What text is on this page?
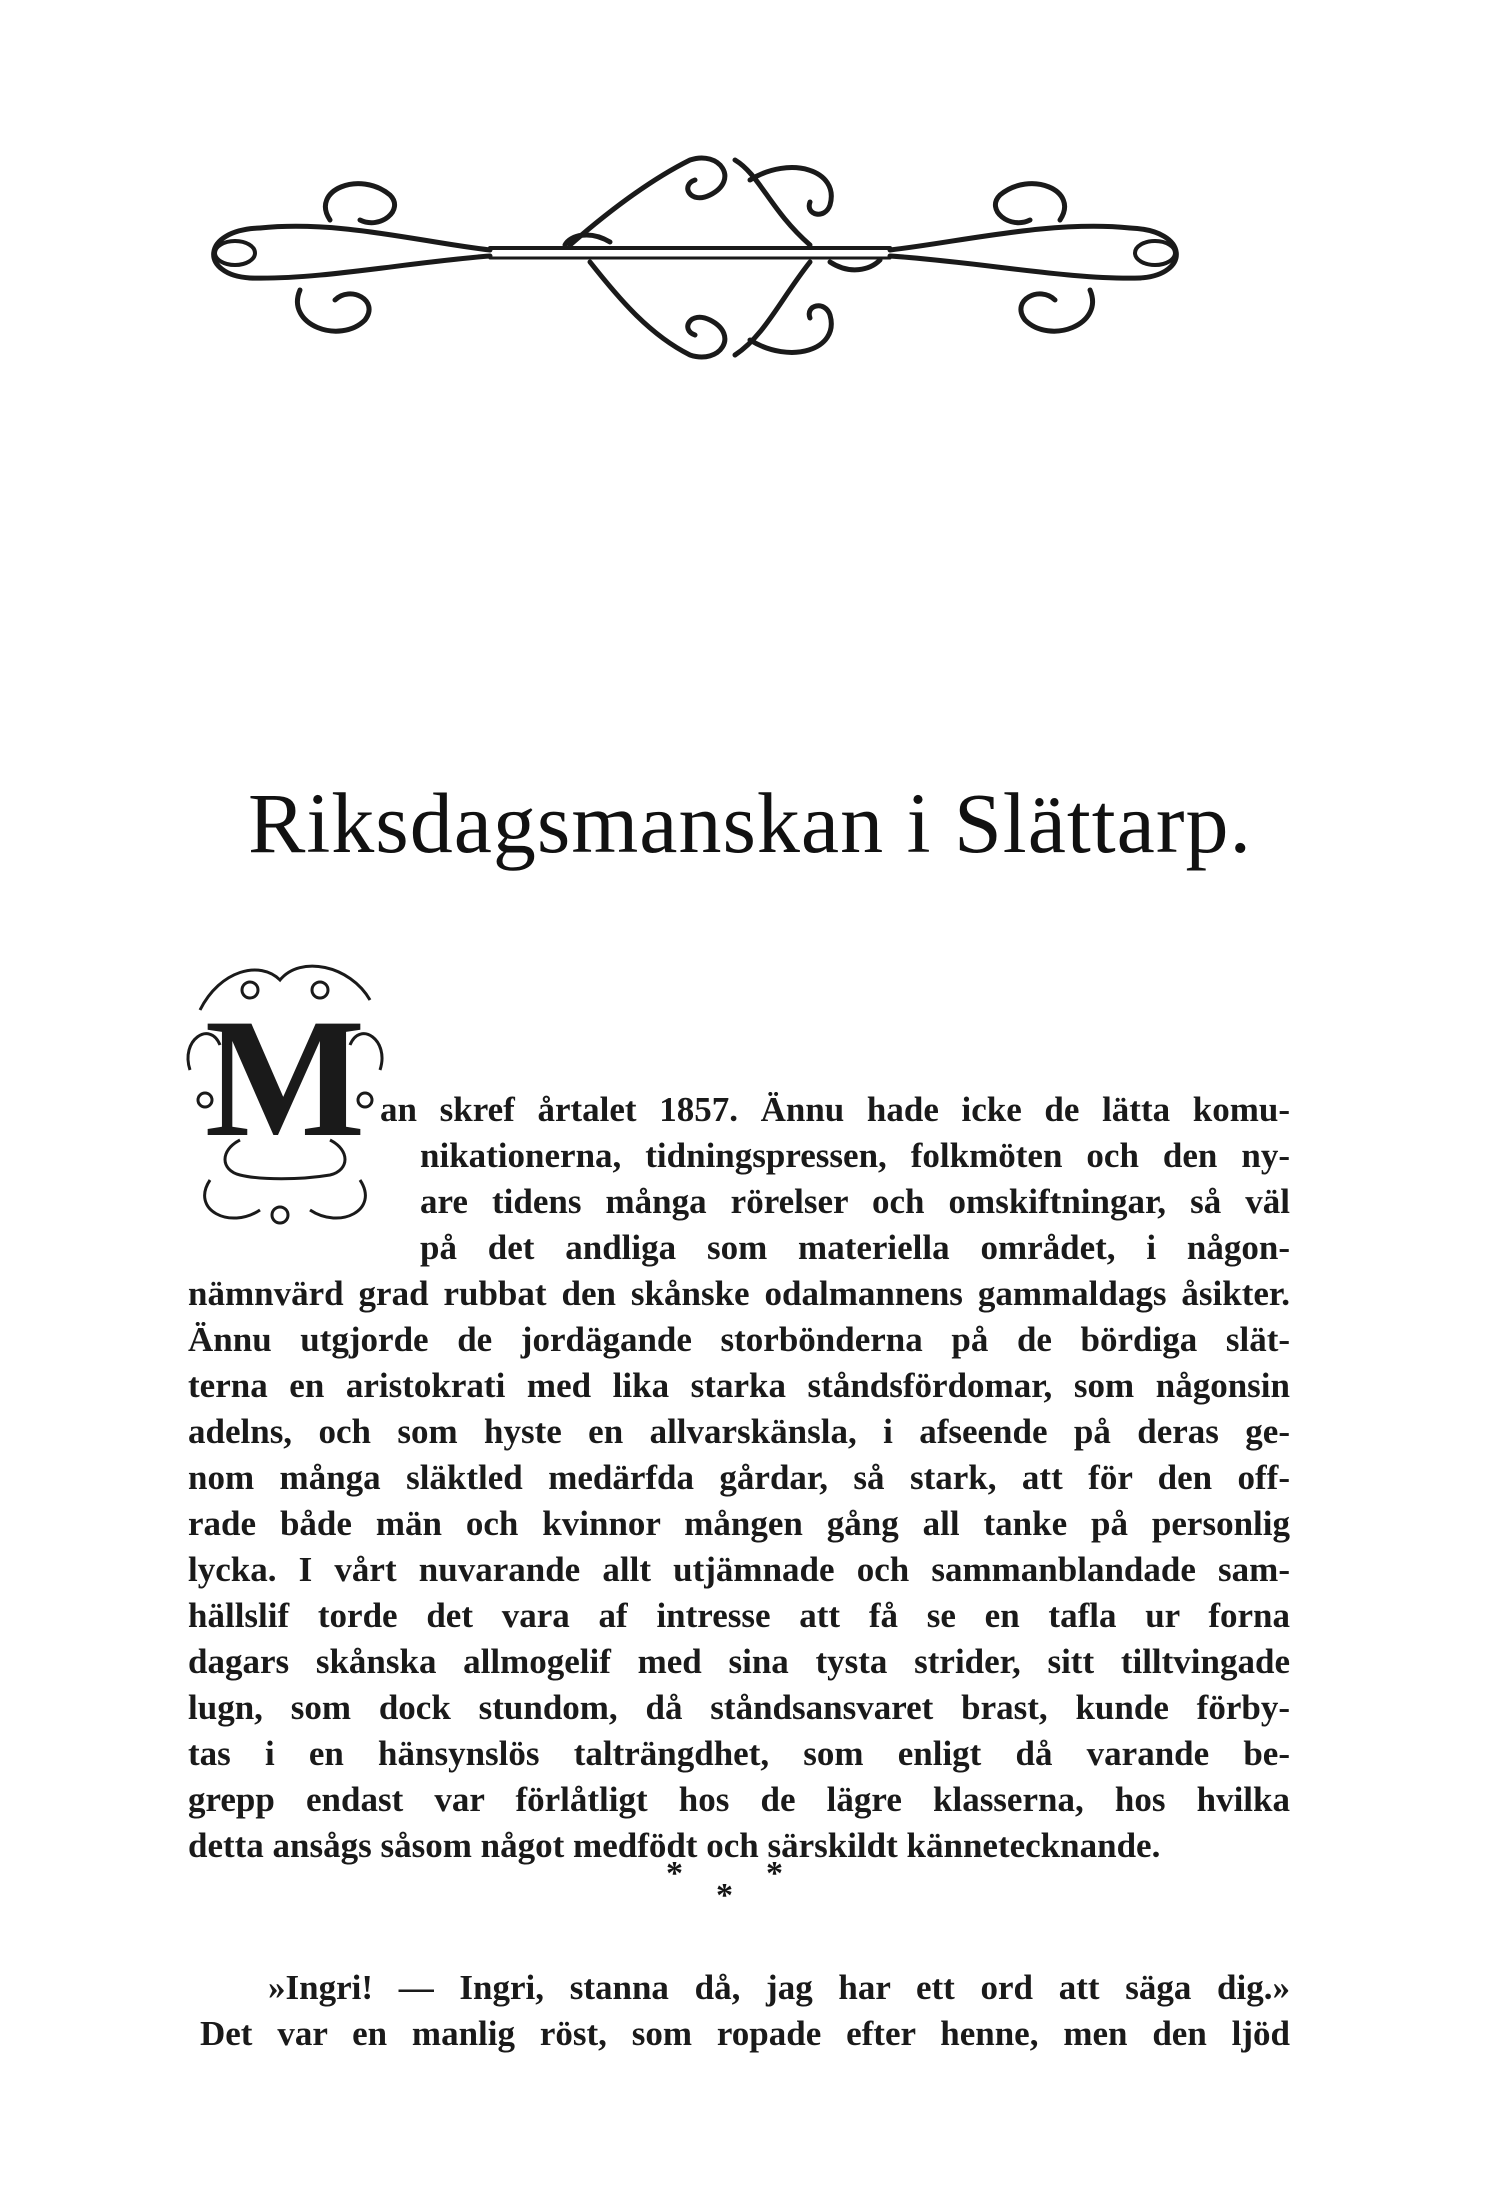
Riksdagsmanskan i Slättarp.
M an skref årtalet 1857. Ännu hade icke de lätta komu-
nikationerna, tidningspressen, folkmöten och den ny-
are tidens många rörelser och omskiftningar, så väl
på det andliga som materiella området, i någon-
nämnvärd grad rubbat den skånske odalmannens gammaldags åsikter.
Ännu utgjorde de jordägande storbönderna på de bördiga slät-
terna en aristokrati med lika starka ståndsfördomar, som någonsin
adelns, och som hyste en allvarskänsla, i afseende på deras ge-
nom många släktled medärfda gårdar, så stark, att för den off-
rade både män och kvinnor mången gång all tanke på personlig
lycka. I vårt nuvarande allt utjämnade och sammanblandade sam-
hällslif torde det vara af intresse att få se en tafla ur forna
dagars skånska allmogelif med sina tysta strider, sitt tilltvingade
lugn, som dock stundom, då ståndsansvaret brast, kunde förby-
tas i en hänsynslös talträngdhet, som enligt då varande be-
grepp endast var förlåtligt hos de lägre klasserna, hos hvilka
detta ansågs såsom något medfödt och särskildt kännetecknande.
*
*
*
»Ingri! — Ingri, stanna då, jag har ett ord att säga dig.»
Det var en manlig röst, som ropade efter henne, men den ljöd
